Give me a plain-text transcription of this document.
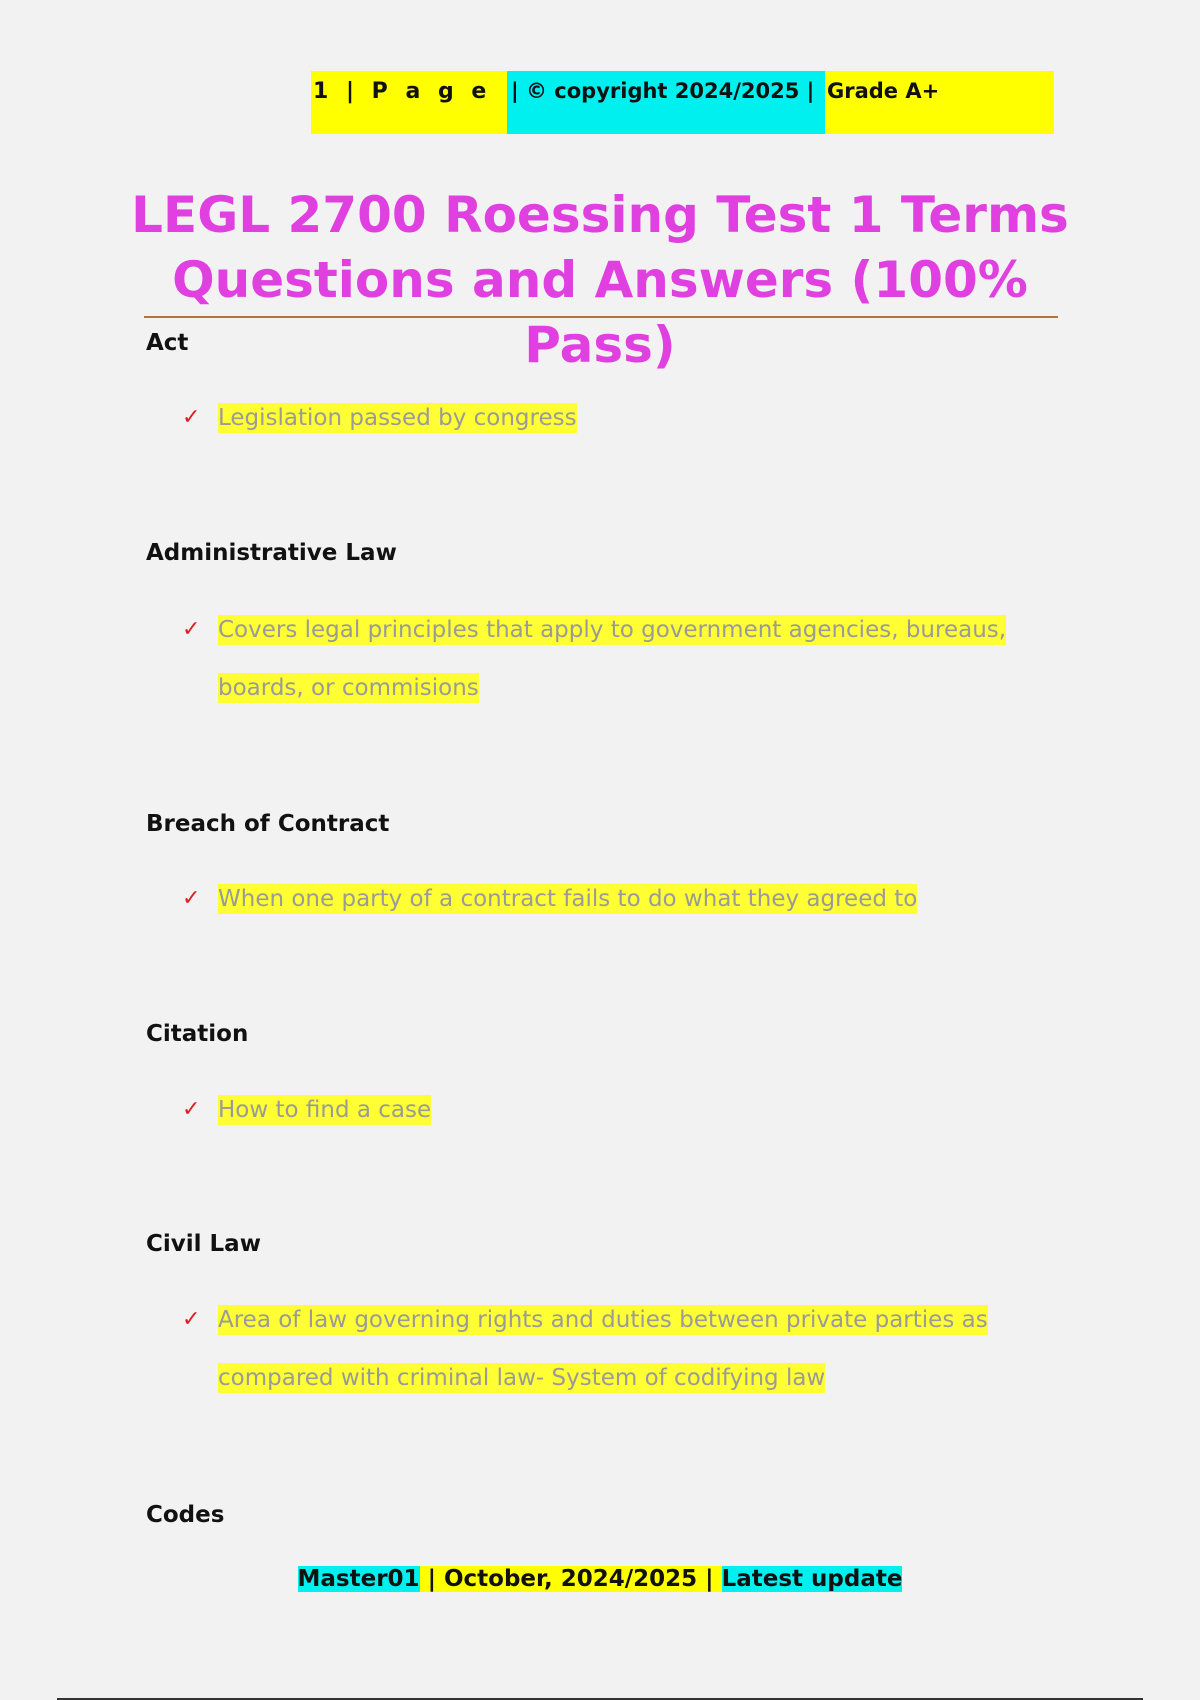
1 | P a g e | © copyright 2024/2025 | Grade A+
LEGL 2700 Roessing Test 1 Terms
Questions and Answers (100% Pass)
Act
✓ Legislation passed by congress
Administrative Law
✓ Covers legal principles that apply to government agencies, bureaus,
boards, or commisions
Breach of Contract
✓ When one party of a contract fails to do what they agreed to
Citation
✓ How to find a case
Civil Law
✓ Area of law governing rights and duties between private parties as
compared with criminal law- System of codifying law
Codes
Master01 | October, 2024/2025 | Latest update
